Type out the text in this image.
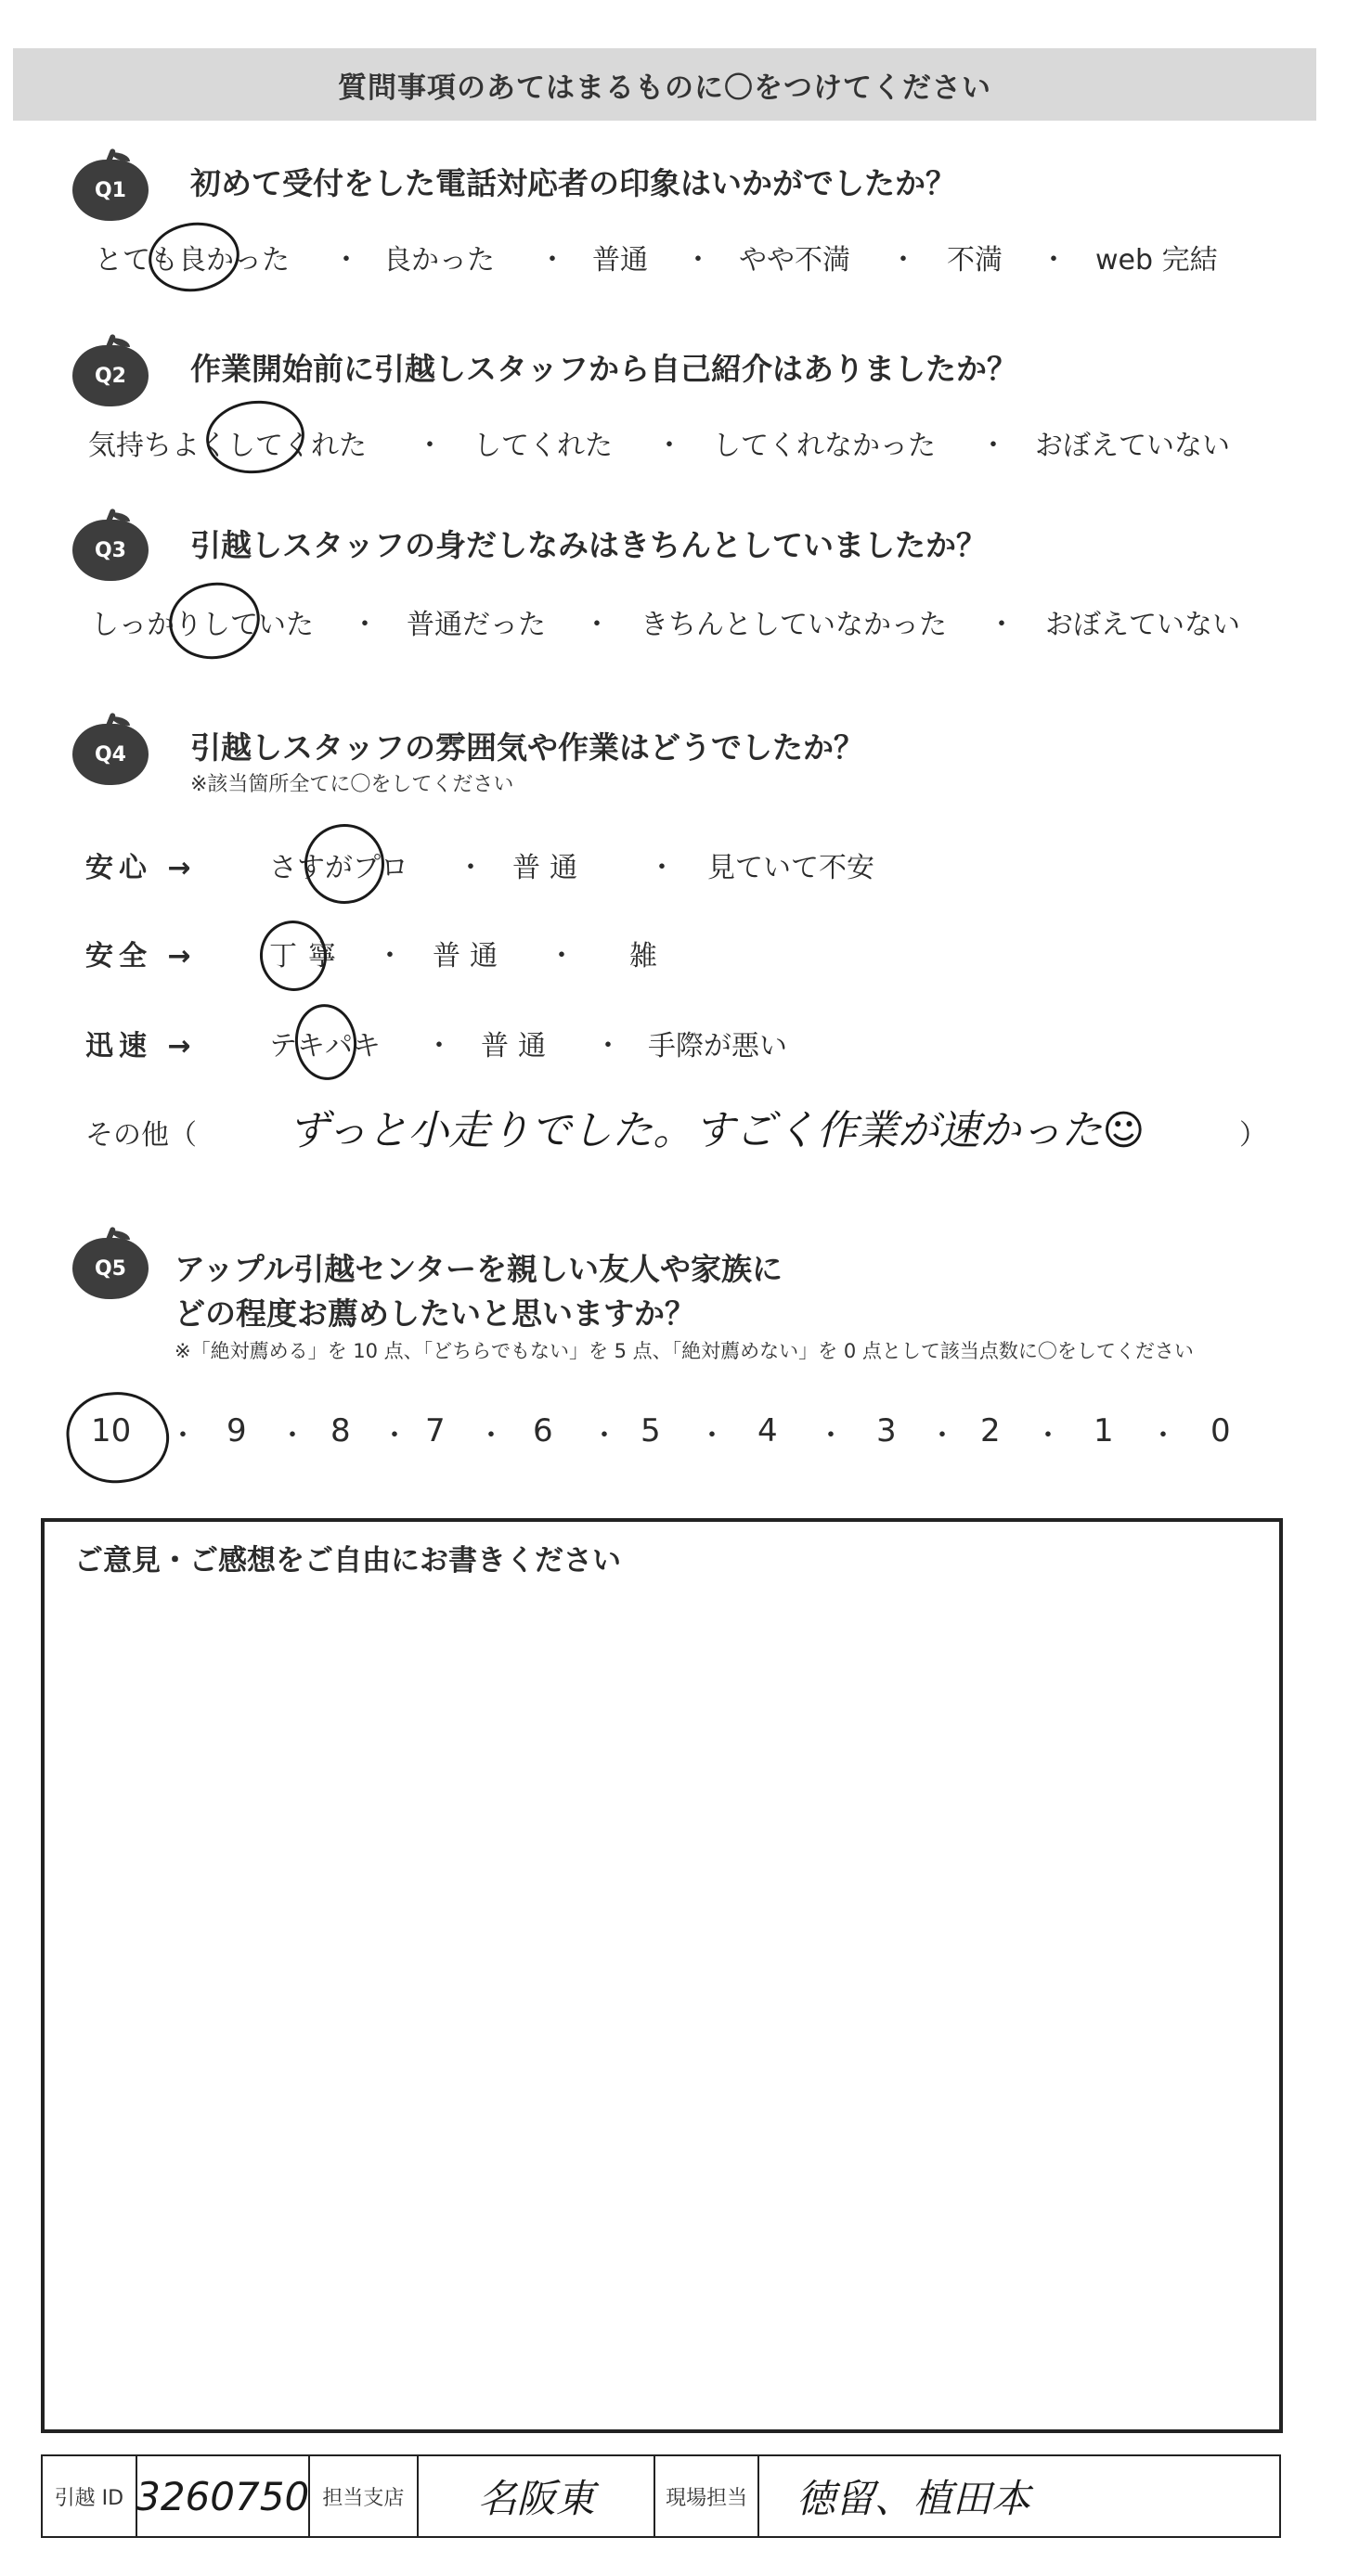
質問事項のあてはまるものに〇をつけてください
Q1	初めて受付をした電話対応者の印象はいかがでしたか？
とても良かった ・ 良かった ・ 普通 ・ やや不満 ・ 不満 ・ web 完結
Q2	作業開始前に引越しスタッフから自己紹介はありましたか？
気持ちよくしてくれた ・ してくれた ・ してくれなかった ・ おぼえていない
Q3	引越しスタッフの身だしなみはきちんとしていましたか？
しっかりしていた ・ 普通だった ・ きちんとしていなかった ・ おぼえていない
Q4	引越しスタッフの雰囲気や作業はどうでしたか？
※該当箇所全てに〇をしてください
安心 →	さすがプロ ・ 普通 ・ 見ていて不安
安全 →	丁寧 ・ 普通 ・ 雑
迅速 →	テキパキ ・ 普通 ・ 手際が悪い
その他（ ずっと小走りでした。すごく作業が速かった☺	）
Q5	アップル引越センターを親しい友人や家族に
どの程度お薦めしたいと思いますか？
※「絶対薦める」を 10 点、「どちらでもない」を 5 点、「絶対薦めない」を 0 点として該当点数に〇をしてください
10 ・ 9 ・ 8 ・ 7 ・ 6 ・ 5 ・ 4 ・ 3 ・ 2 ・ 1 ・ 0
ご意見・ご感想をご自由にお書きください
引越 ID 3260750 担当支店	名阪東	現場担当	徳留、植田本
